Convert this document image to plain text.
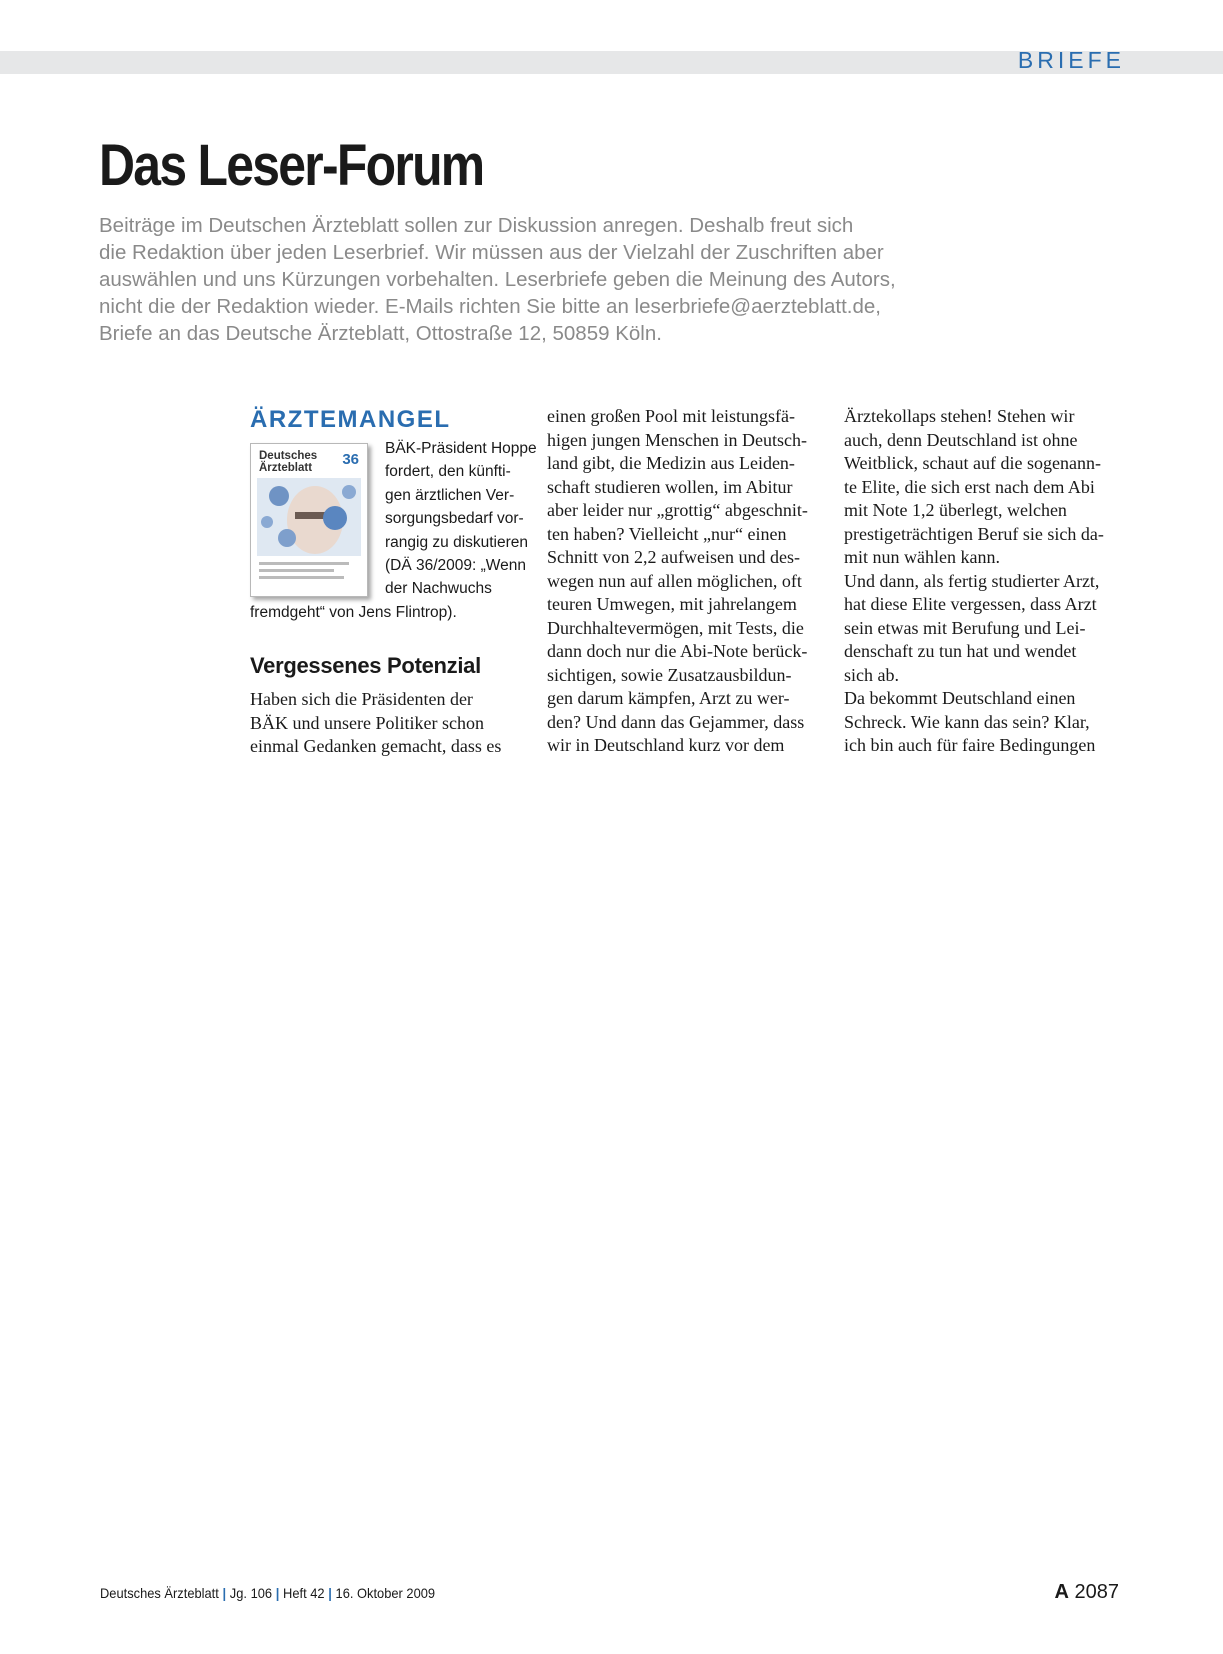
BRIEFE
Das Leser-Forum

Beiträge im Deutschen Ärzteblatt sollen zur Diskussion anregen. Deshalb freut sich
die Redaktion über jeden Leserbrief. Wir müssen aus der Vielzahl der Zuschriften aber
auswählen und uns Kürzungen vorbehalten. Leserbriefe geben die Meinung des Autors,
nicht die der Redaktion wieder. E-Mails richten Sie bitte an leserbriefe@aerzteblatt.de,
Briefe an das Deutsche Ärzteblatt, Ottostraße 12, 50859 Köln.

ÄRZTEMANGEL
Deutsches
Ärzteblatt	36
BÄK-Präsident Hoppe
fordert, den künfti-
gen ärztlichen Ver-
sorgungsbedarf vor-
rangig zu diskutieren
(DÄ 36/2009: „Wenn
der Nachwuchs
fremdgeht“ von Jens Flintrop).
Vergessenes Potenzial

Haben sich die Präsidenten der
BÄK und unsere Politiker schon
einmal Gedanken gemacht, dass es

einen großen Pool mit leistungsfä-
higen jungen Menschen in Deutsch-
land gibt, die Medizin aus Leiden-
schaft studieren wollen, im Abitur
aber leider nur „grottig“ abgeschnit-
ten haben? Vielleicht „nur“ einen
Schnitt von 2,2 aufweisen und des-
wegen nun auf allen möglichen, oft
teuren Umwegen, mit jahrelangem
Durchhaltevermögen, mit Tests, die
dann doch nur die Abi-Note berück-
sichtigen, sowie Zusatzausbildun-
gen darum kämpfen, Arzt zu wer-
den? Und dann das Gejammer, dass
wir in Deutschland kurz vor dem

Ärztekollaps stehen! Stehen wir
auch, denn Deutschland ist ohne
Weitblick, schaut auf die sogenann-
te Elite, die sich erst nach dem Abi
mit Note 1,2 überlegt, welchen
prestigeträchtigen Beruf sie sich da-
mit nun wählen kann.
Und dann, als fertig studierter Arzt,
hat diese Elite vergessen, dass Arzt
sein etwas mit Berufung und Lei-
denschaft zu tun hat und wendet
sich ab.
Da bekommt Deutschland einen
Schreck. Wie kann das sein? Klar,
ich bin auch für faire Bedingungen

Deutsches Ärzteblatt | Jg. 106 | Heft 42 | 16. Oktober 2009	A 2087
